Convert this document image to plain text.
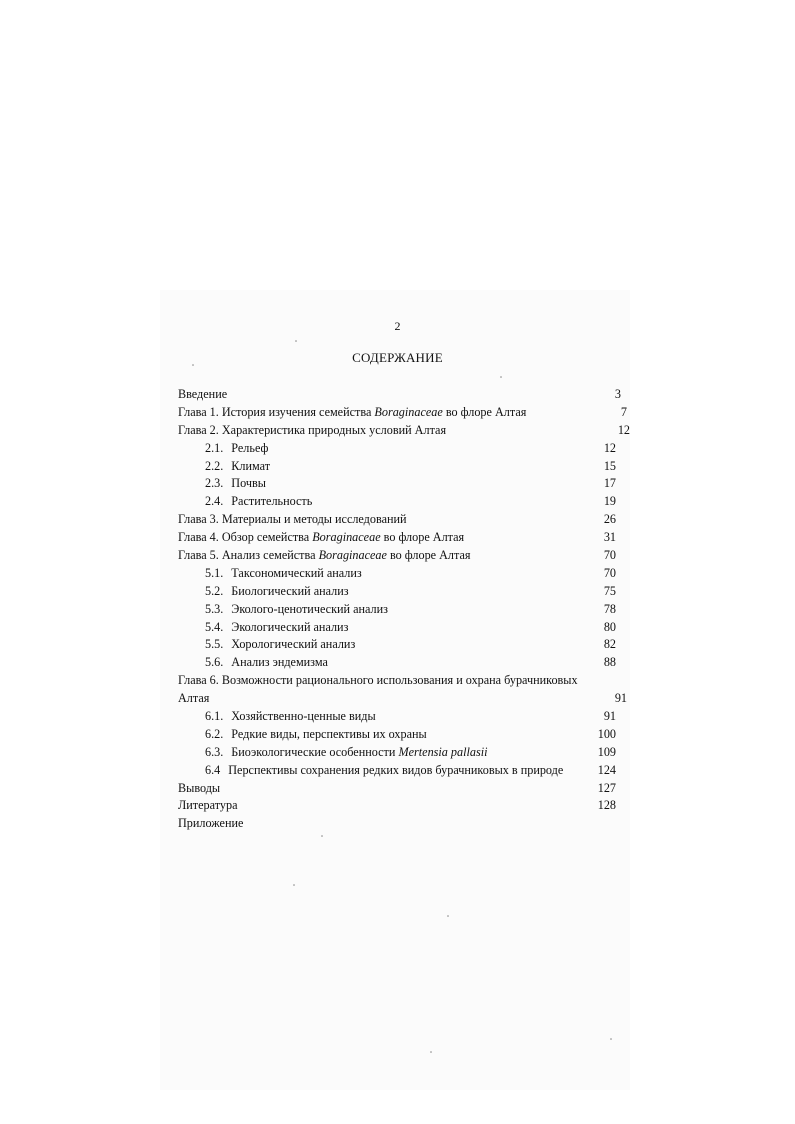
2
СОДЕРЖАНИЕ
Введение	3
Глава 1. История изучения семейства Boraginaceae во флоре Алтая	7
Глава 2. Характеристика природных условий Алтая	12
2.1. Рельеф	12
2.2. Климат	15
2.3. Почвы	17
2.4. Растительность	19
Глава 3. Материалы и методы исследований	26
Глава 4. Обзор семейства Boraginaceae во флоре Алтая	31
Глава 5. Анализ семейства Boraginaceae во флоре Алтая	70
5.1. Таксономический анализ	70
5.2. Биологический анализ	75
5.3. Эколого-ценотический анализ	78
5.4. Экологический анализ	80
5.5. Хорологический анализ	82
5.6. Анализ эндемизма	88
Глава 6. Возможности рационального использования и охрана бурачниковых
Алтая	91
6.1. Хозяйственно-ценные виды	91
6.2. Редкие виды, перспективы их охраны	100
6.3. Биоэкологические особенности Mertensia pallasii	109
6.4 Перспективы сохранения редких видов бурачниковых в природе	124
Выводы	127
Литература	128
Приложение
